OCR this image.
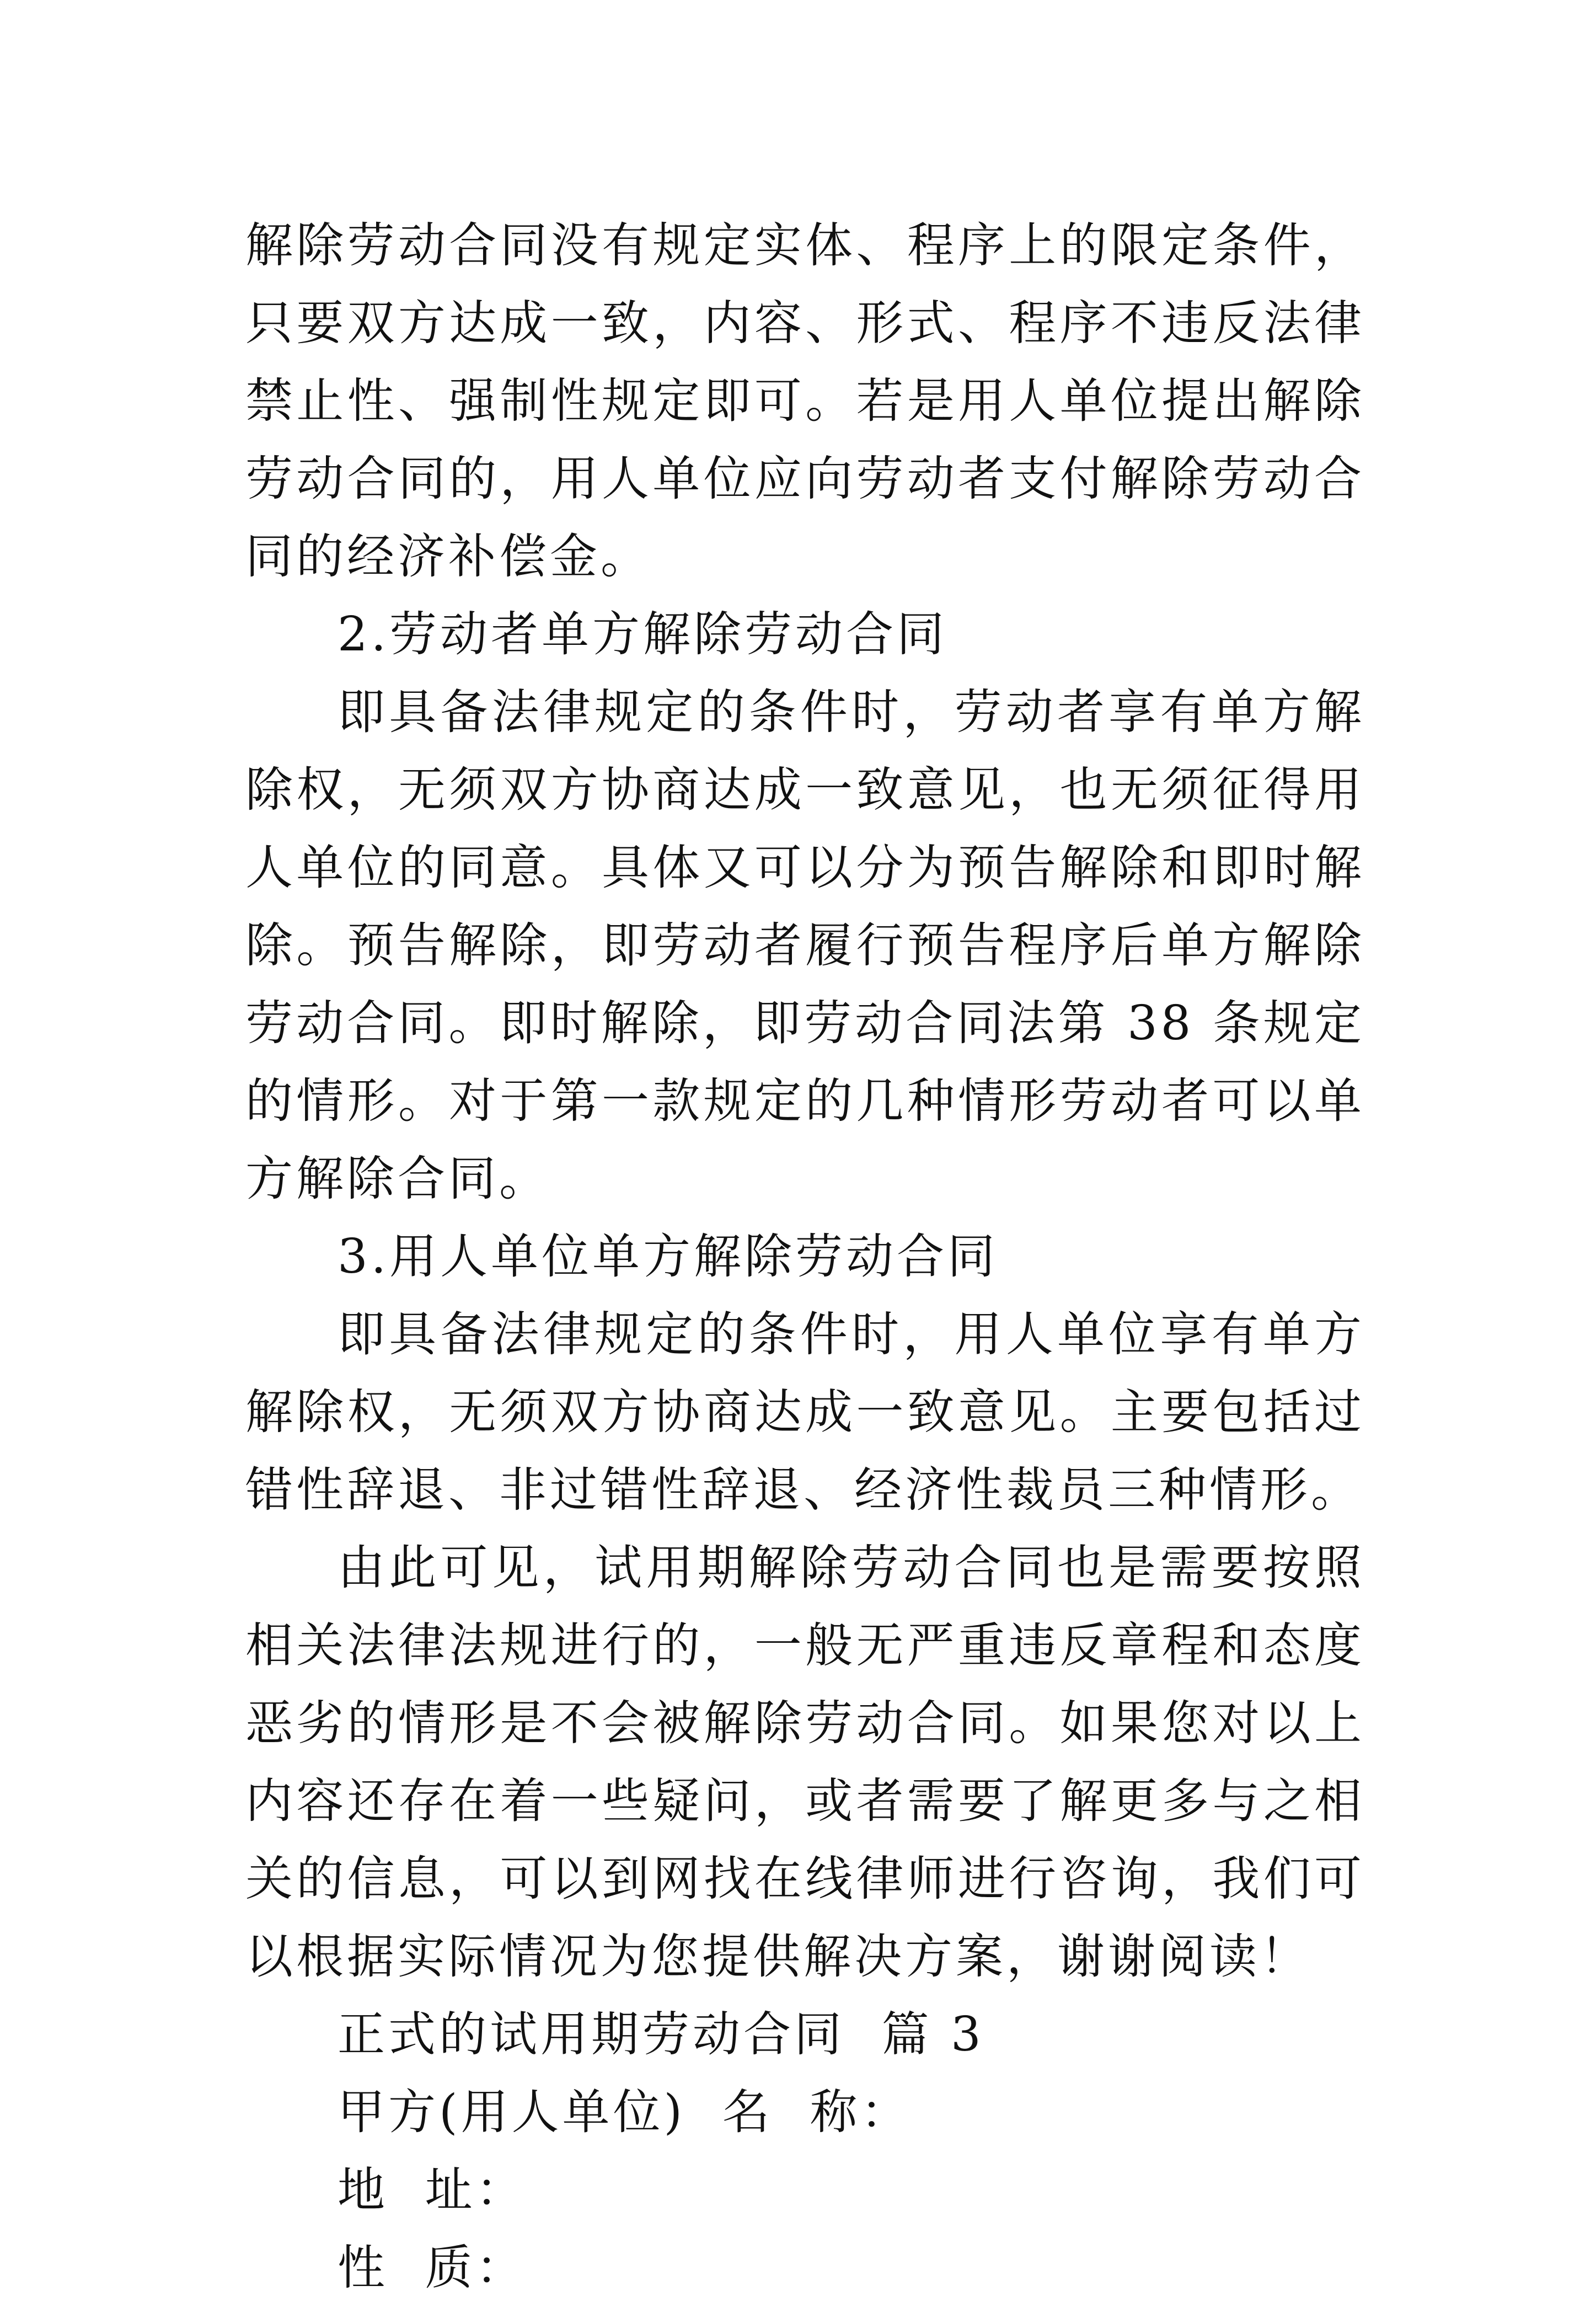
解除劳动合同没有规定实体、程序上的限定条件，只要双方达成一致，内容、形式、程序不违反法律禁止性、强制性规定即可。若是用人单位提出解除劳动合同的，用人单位应向劳动者支付解除劳动合同的经济补偿金。

2.劳动者单方解除劳动合同

即具备法律规定的条件时，劳动者享有单方解除权，无须双方协商达成一致意见，也无须征得用人单位的同意。具体又可以分为预告解除和即时解除。预告解除，即劳动者履行预告程序后单方解除劳动合同。即时解除，即劳动合同法第 38 条规定的情形。对于第一款规定的几种情形劳动者可以单方解除合同。

3.用人单位单方解除劳动合同

即具备法律规定的条件时，用人单位享有单方解除权，无须双方协商达成一致意见。主要包括过错性辞退、非过错性辞退、经济性裁员三种情形。

由此可见，试用期解除劳动合同也是需要按照相关法律法规进行的，一般无严重违反章程和态度恶劣的情形是不会被解除劳动合同。如果您对以上内容还存在着一些疑问，或者需要了解更多与之相关的信息，可以到网找在线律师进行咨询，我们可以根据实际情况为您提供解决方案，谢谢阅读！

正式的试用期劳动合同  篇 3

甲方(用人单位)  名  称：

地  址：

性  质：
